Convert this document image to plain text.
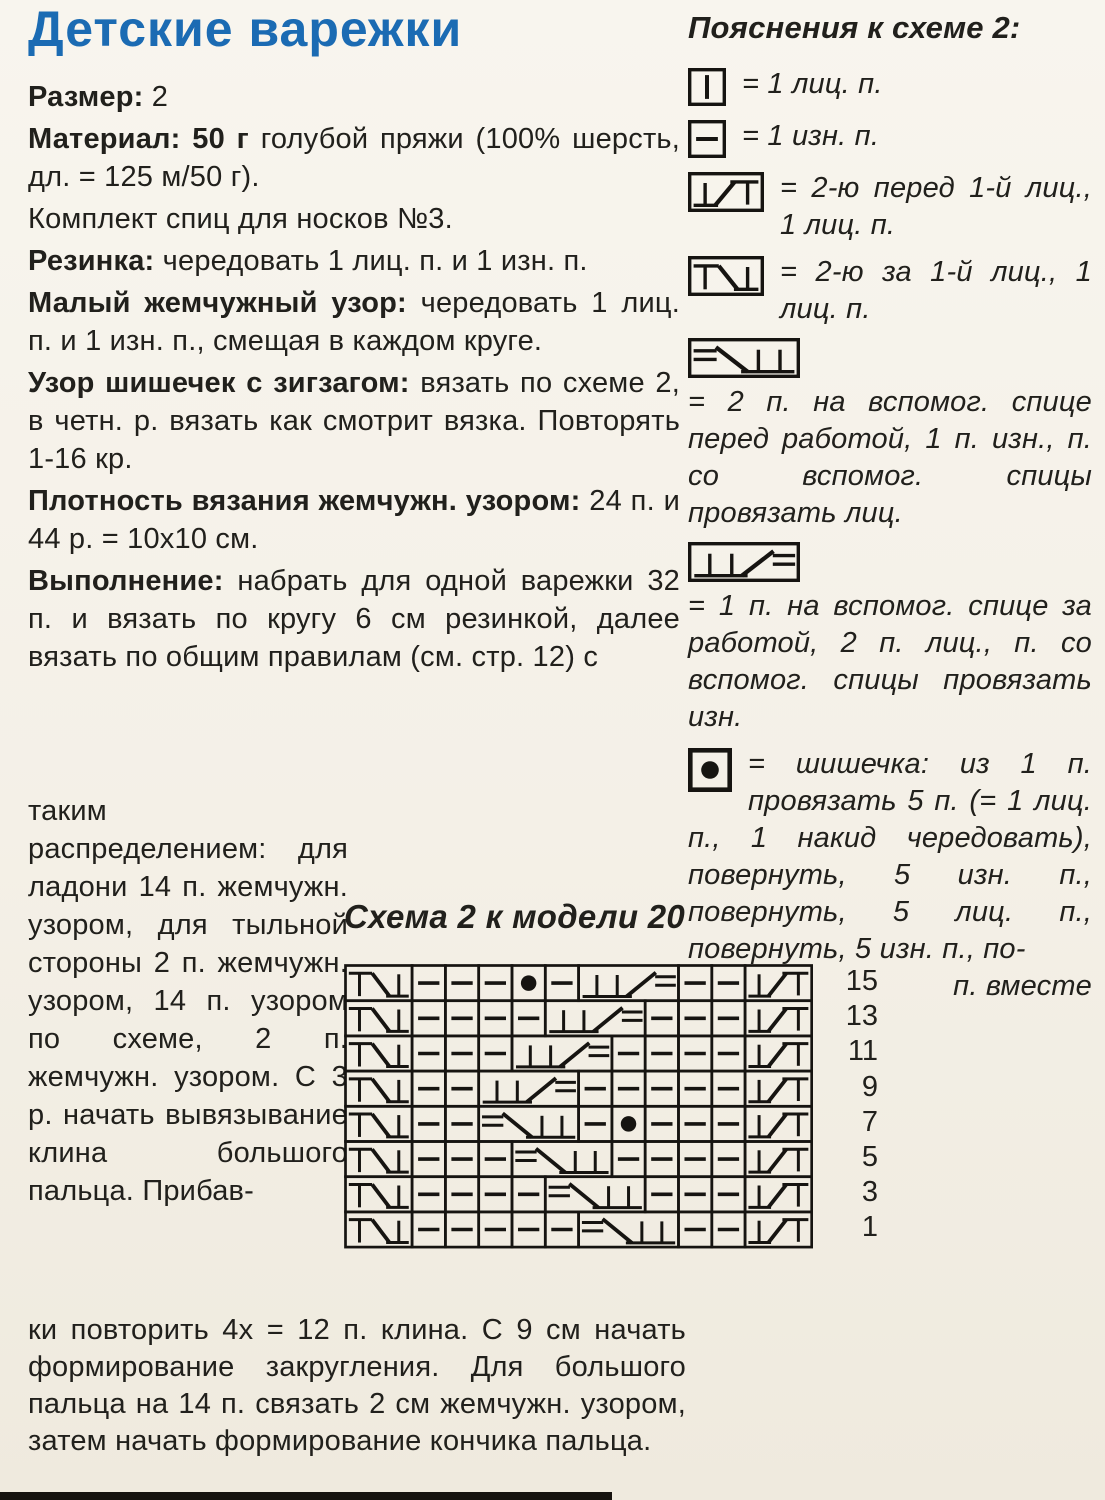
Детские варежки

Размер: 2

Материал: 50 г голубой пряжи (100% шерсть, дл. = 125 м/50 г).

Комплект спиц для носков №3.

Резинка: чередовать 1 лиц. п. и 1 изн. п.

Малый жемчужный узор: чередовать 1 лиц. п. и 1 изн. п., смещая в каждом круге.

Узор шишечек с зигзагом: вязать по схеме 2, в четн. р. вязать как смотрит вязка. Повторять 1-16 кр.

Плотность вязания жемчужн. узором: 24 п. и 44 р. = 10х10 см.

Выполнение: набрать для одной варежки 32 п. и вязать по кругу 6 см резинкой, далее вязать по общим правилам (см. стр. 12) с

таким распределением: для ладони 14 п. жемчужн. узором, для тыльной стороны 2 п. жемчужн. узором, 14 п. узором по схеме, 2 п. жемчужн. узором. С 3 р. начать вывязывание клина большого пальца. Прибав-
ки повторить 4х = 12 п. клина. С 9 см начать формирование закругления. Для большого пальца на 14 п. связать 2 см жемчужн. узором, затем начать формирование кончика пальца.

Пояснения к схеме 2:

= 1 лиц. п.
= 1 изн. п.
= 2-ю перед 1-й лиц., 1 лиц. п.
= 2-ю за 1-й лиц., 1 лиц. п.
= 2 п. на вспомог. спице перед работой, 1 п. изн., п. со вспомог. спицы провязать лиц.
= 1 п. на вспомог. спице за работой, 2 п. лиц., п. со вспомог. спицы провязать изн.
= шишечка: из 1 п. провязать 5 п. (= 1 лиц. п., 1 накид чередовать), повернуть, 5 изн. п., повернуть, 5 лиц. п., повернуть, 5 изн. п., по-
п. вместе

Схема 2 к модели 20

15
13
11
9
7
5
3
1
